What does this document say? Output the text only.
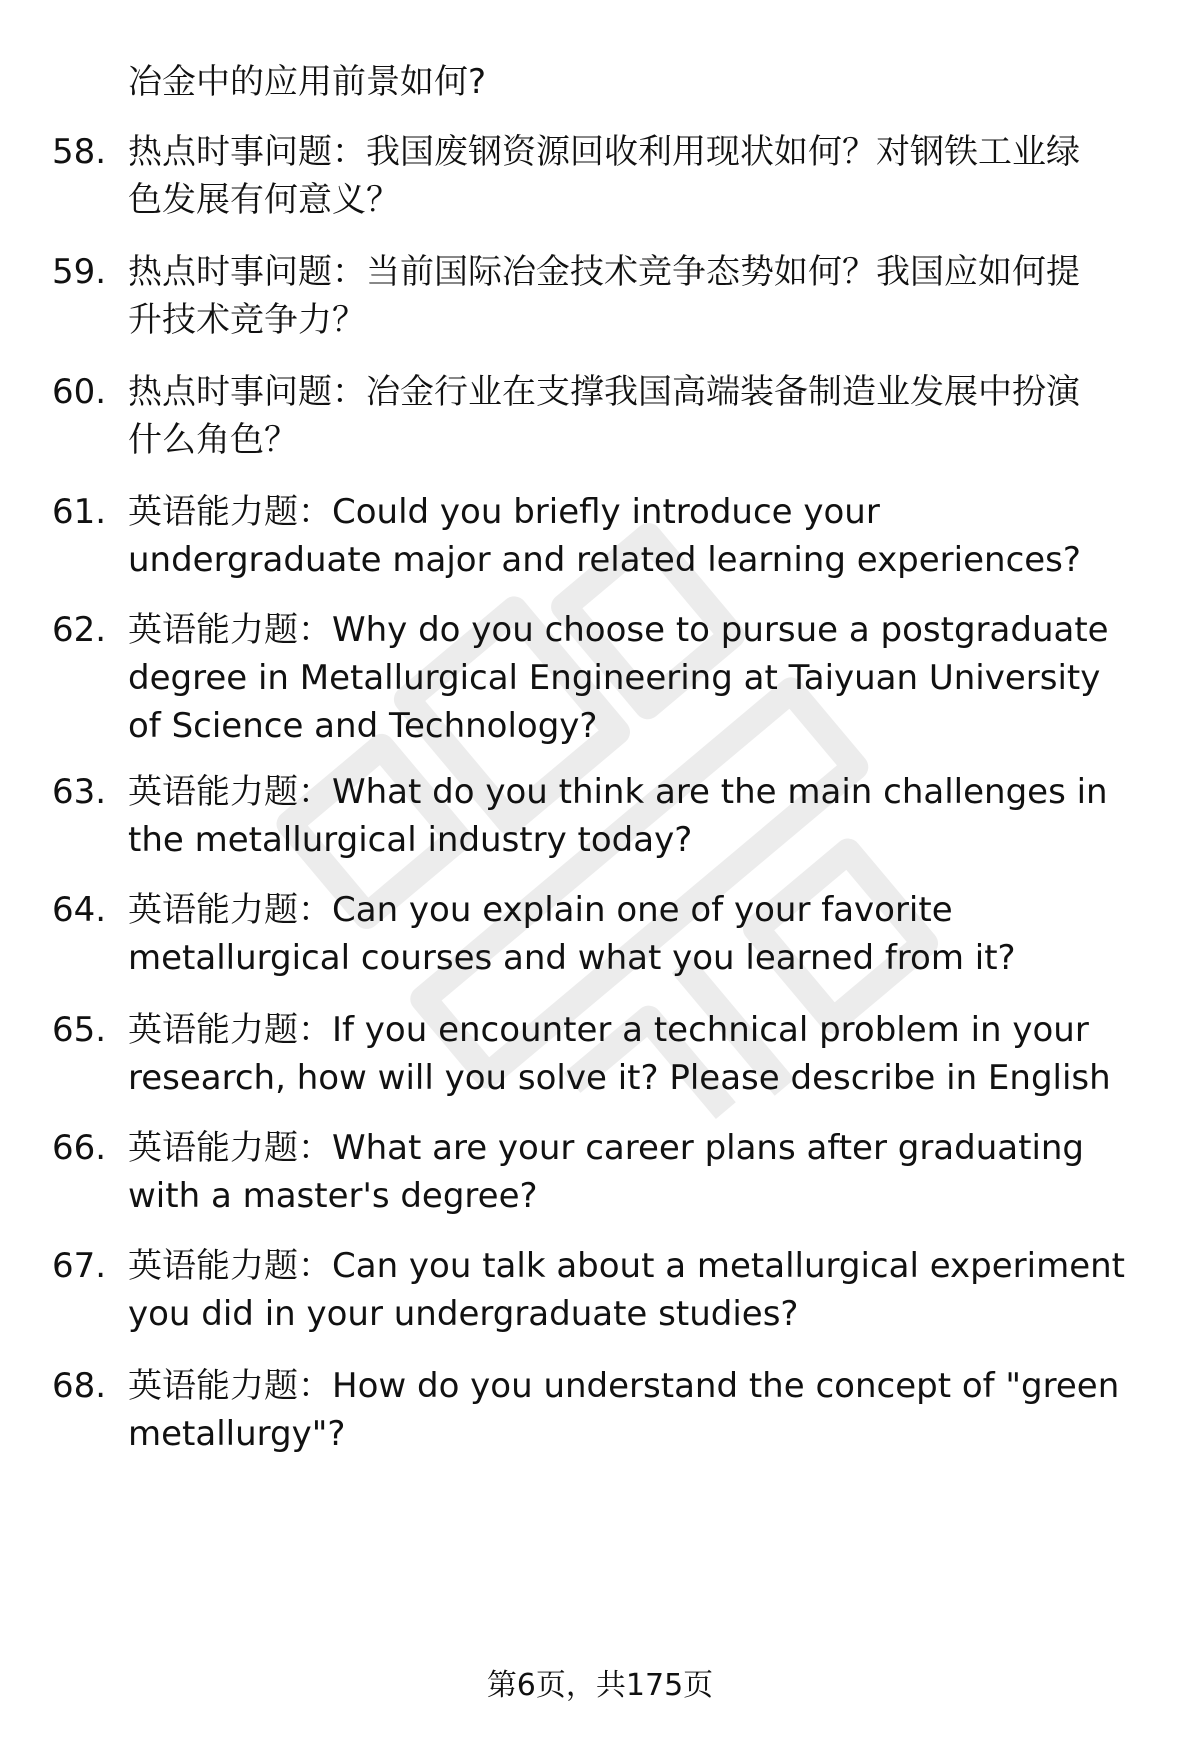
冶金中的应用前景如何?
58. 热点时事问题：我国废钢资源回收利用现状如何？对钢铁工业绿
色发展有何意义？
59. 热点时事问题：当前国际冶金技术竞争态势如何？我国应如何提
升技术竞争力？
60. 热点时事问题：冶金行业在支撑我国高端装备制造业发展中扮演
什么角色？
61. 英语能力题：Could you briefly introduce your
undergraduate major and related learning experiences?
62. 英语能力题：Why do you choose to pursue a postgraduate
degree in Metallurgical Engineering at Taiyuan University
of Science and Technology?
63. 英语能力题：What do you think are the main challenges in
the metallurgical industry today?
64. 英语能力题：Can you explain one of your favorite
metallurgical courses and what you learned from it?
65. 英语能力题：If you encounter a technical problem in your
research, how will you solve it? Please describe in English
66. 英语能力题：What are your career plans after graduating
with a master's degree?
67. 英语能力题：Can you talk about a metallurgical experiment
you did in your undergraduate studies?
68. 英语能力题：How do you understand the concept of "green
metallurgy"?
第6页，共175页
